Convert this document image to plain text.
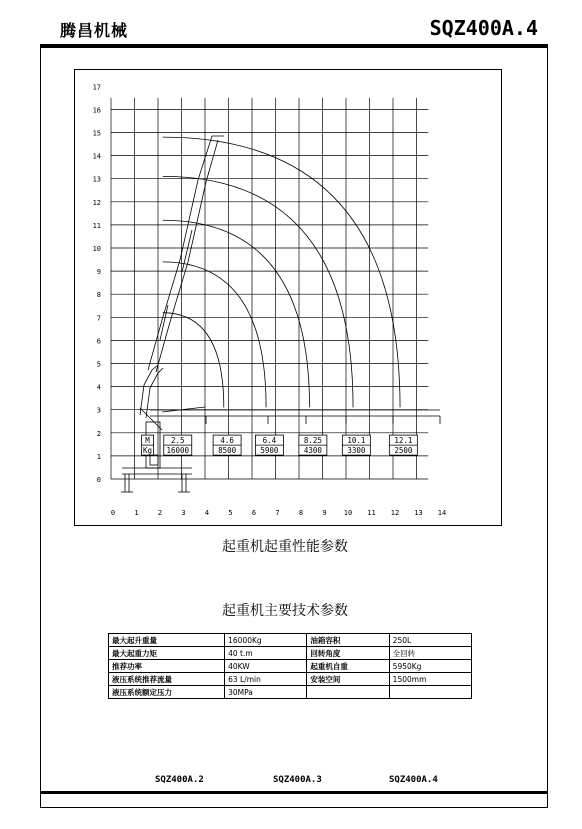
腾昌机械	SQZ400A.4
0
1
2
3
4
5
6
7
8
9
10
11
12
13
14
15
16
17
0	1	2	3	4	5	6	7	8	9 10 11 12 13 14
M
Kg
2.5
16000
4.6
8500
6.4
5900
8.25
4300
10.1
3300
12.1
2500
起重机起重性能参数
起重机主要技术参数
最大起升重量	16000Kg	油箱容积	250L
最大起重力矩	40 t.m	回转角度	全回转
推荐功率	40KW	起重机自重	5950Kg
液压系统推荐流量	63 L/min	安装空间	1500mm
液压系统额定压力	30MPa		
SQZ400A.2	SQZ400A.3	SQZ400A.4
